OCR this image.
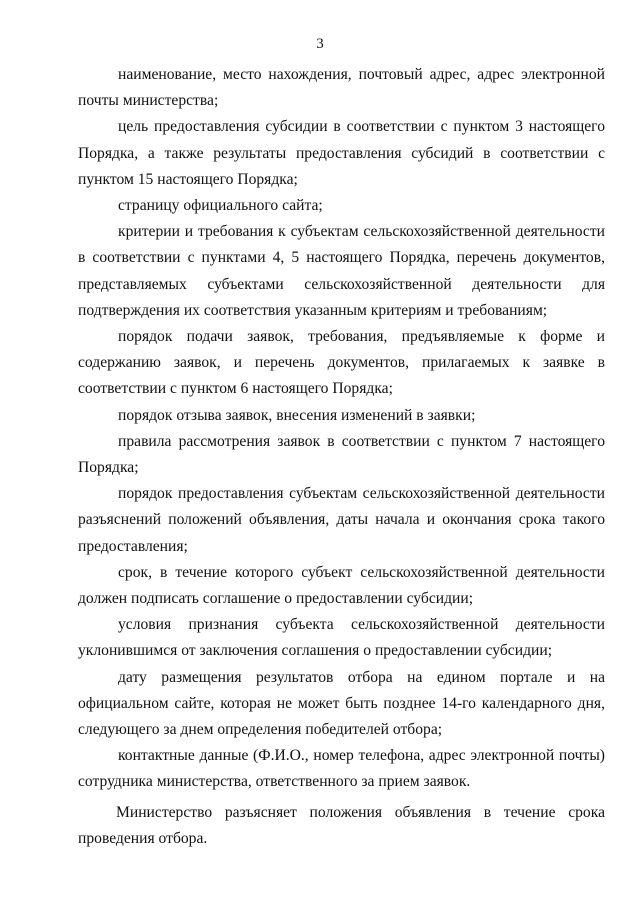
3

наименование, место нахождения, почтовый адрес, адрес электронной почты министерства;

цель предоставления субсидии в соответствии с пунктом 3 настоящего Порядка, а также результаты предоставления субсидий в соответствии с пунктом 15 настоящего Порядка;

страницу официального сайта;

критерии и требования к субъектам сельскохозяйственной деятельности в соответствии с пунктами 4, 5 настоящего Порядка, перечень документов, представляемых субъектами сельскохозяйственной деятельности для подтверждения их соответствия указанным критериям и требованиям;

порядок подачи заявок, требования, предъявляемые к форме и содержанию заявок, и перечень документов, прилагаемых к заявке в соответствии с пунктом 6 настоящего Порядка;

порядок отзыва заявок, внесения изменений в заявки;

правила рассмотрения заявок в соответствии с пунктом 7 настоящего Порядка;

порядок предоставления субъектам сельскохозяйственной деятельности разъяснений положений объявления, даты начала и окончания срока такого предоставления;

срок, в течение которого субъект сельскохозяйственной деятельности должен подписать соглашение о предоставлении субсидии;

условия признания субъекта сельскохозяйственной деятельности уклонившимся от заключения соглашения о предоставлении субсидии;

дату размещения результатов отбора на едином портале и на официальном сайте, которая не может быть позднее 14-го календарного дня, следующего за днем определения победителей отбора;

контактные данные (Ф.И.О., номер телефона, адрес электронной почты) сотрудника министерства, ответственного за прием заявок.

Министерство разъясняет положения объявления в течение срока проведения отбора.
